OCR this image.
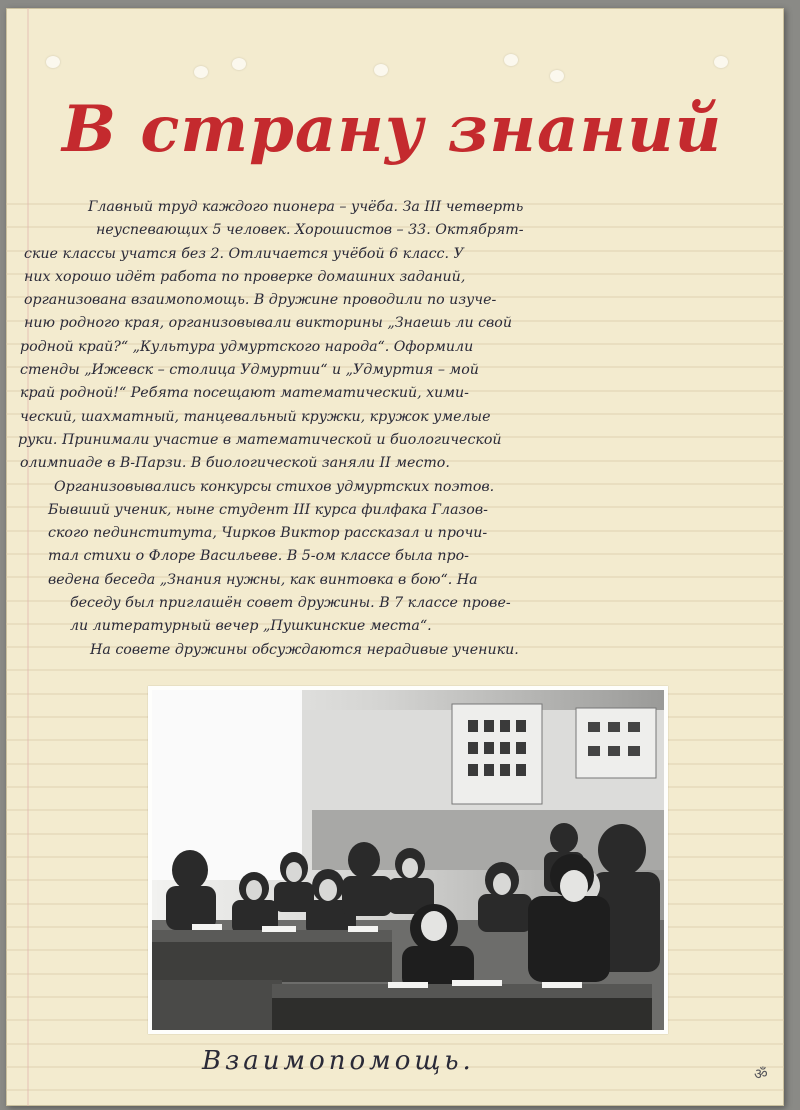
В страну знаний
Главный труд каждого пионера – учёба. За III четверть
неуспевающих 5 человек. Хорошистов – 33. Октябрят-
ские классы учатся без 2. Отличается учёбой 6 класс. У
них хорошо идёт работа по проверке домашних заданий,
организована взаимопомощь. В дружине проводили по изуче-
нию родного края, организовывали викторины „Знаешь ли свой
родной край?“ „Культура удмуртского народа“. Оформили
стенды „Ижевск – столица Удмуртии“ и „Удмуртия – мой
край родной!“ Ребята посещают математический, хими-
ческий, шахматный, танцевальный кружки, кружок умелые
руки. Принимали участие в математической и биологической
олимпиаде в В-Парзи. В биологической заняли II место.
Организовывались конкурсы стихов удмуртских поэтов.
Бывший ученик, ныне студент III курса филфака Глазов-
ского пединститута, Чирков Виктор рассказал и прочи-
тал стихи о Флоре Васильеве. В 5-ом классе была про-
ведена беседа „Знания нужны, как винтовка в бою“. На
беседу был приглашён совет дружины. В 7 классе провe-
ли литературный вечер „Пушкинские места“.
На совете дружины обсуждаются нерадивые ученики.
Взаимопомощь.	ॐ
